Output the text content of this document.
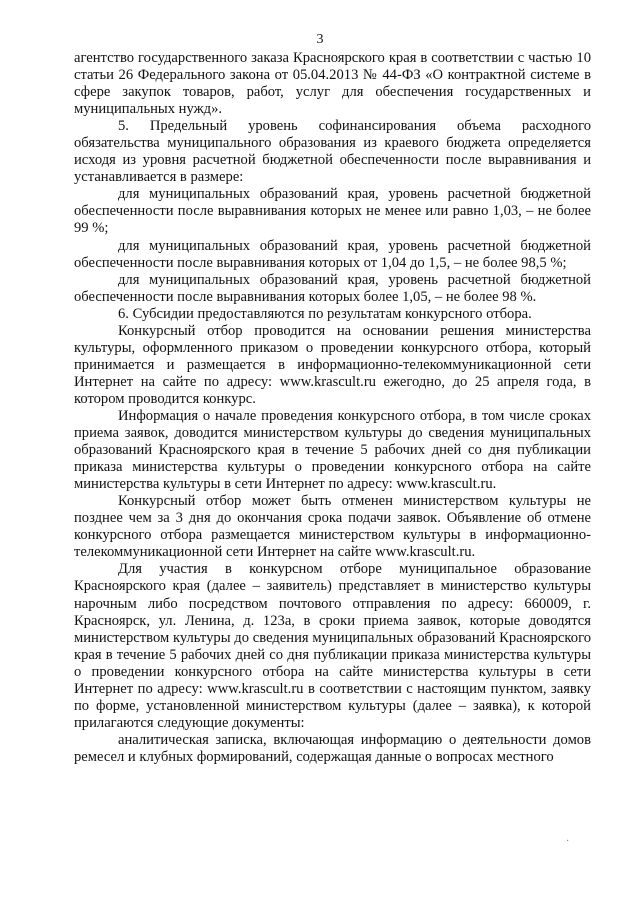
3

агентство государственного заказа Красноярского края в соответствии с частью 10 статьи 26 Федерального закона от 05.04.2013 № 44-ФЗ «О контрактной системе в сфере закупок товаров, работ, услуг для обеспечения государственных и муниципальных нужд».

5. Предельный уровень софинансирования объема расходного обязательства муниципального образования из краевого бюджета определяется исходя из уровня расчетной бюджетной обеспеченности после выравнивания и устанавливается в размере:

для муниципальных образований края, уровень расчетной бюджетной обеспеченности после выравнивания которых не менее или равно 1,03, – не более 99 %;

для муниципальных образований края, уровень расчетной бюджетной обеспеченности после выравнивания которых от 1,04 до 1,5, – не более 98,5 %;

для муниципальных образований края, уровень расчетной бюджетной обеспеченности после выравнивания которых более 1,05, – не более 98 %.

6. Субсидии предоставляются по результатам конкурсного отбора.

Конкурсный отбор проводится на основании решения министерства культуры, оформленного приказом о проведении конкурсного отбора, который принимается и размещается в информационно-телекоммуникационной сети Интернет на сайте по адресу: www.krascult.ru ежегодно, до 25 апреля года, в котором проводится конкурс.

Информация о начале проведения конкурсного отбора, в том числе сроках приема заявок, доводится министерством культуры до сведения муниципальных образований Красноярского края в течение 5 рабочих дней со дня публикации приказа министерства культуры о проведении конкурсного отбора на сайте министерства культуры в сети Интернет по адресу: www.krascult.ru.

Конкурсный отбор может быть отменен министерством культуры не позднее чем за 3 дня до окончания срока подачи заявок. Объявление об отмене конкурсного отбора размещается министерством культуры в информационно-телекоммуникационной сети Интернет на сайте www.krascult.ru.

Для участия в конкурсном отборе муниципальное образование Красноярского края (далее – заявитель) представляет в министерство культуры нарочным либо посредством почтового отправления по адресу: 660009, г. Красноярск, ул. Ленина, д. 123а, в сроки приема заявок, которые доводятся министерством культуры до сведения муниципальных образований Красноярского края в течение 5 рабочих дней со дня публикации приказа министерства культуры о проведении конкурсного отбора на сайте министерства культуры в сети Интернет по адресу: www.krascult.ru в соответствии с настоящим пунктом, заявку по форме, установленной министерством культуры (далее – заявка), к которой прилагаются следующие документы:

аналитическая записка, включающая информацию о деятельности домов ремесел и клубных формирований, содержащая данные о вопросах местного

·
